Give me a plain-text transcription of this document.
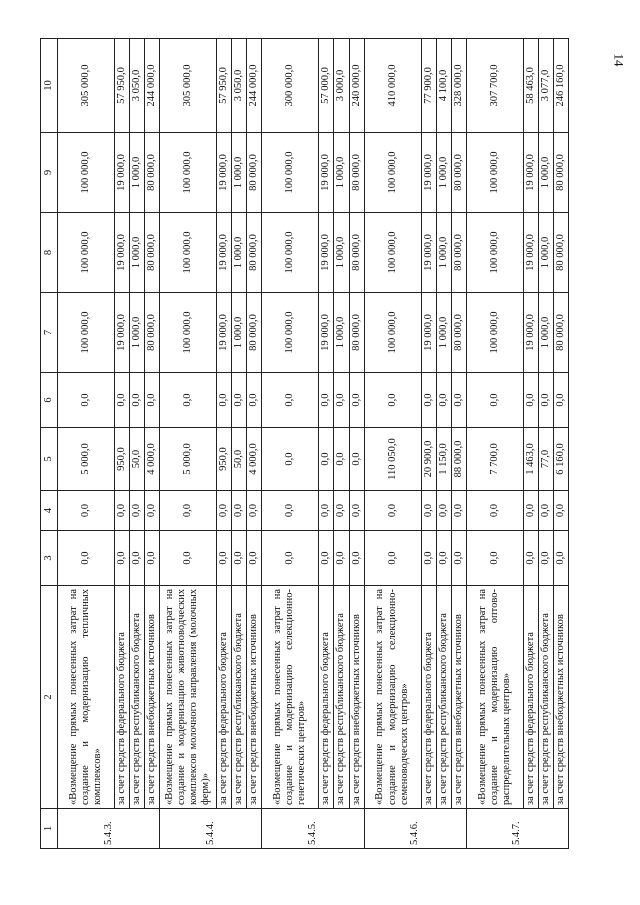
14
1	2	3	4	5	6	7	8	9	10
5.4.3.	«Возмещение прямых понесенных затрат на создание и модернизацию тепличных комплексов»	0,0	0,0	5 000,0	0,0	100 000,0	100 000,0	100 000,0	305 000,0
	за счет средств федерального бюджета	0,0	0,0	950,0	0,0	19 000,0	19 000,0	19 000,0	57 950,0
	за счет средств республиканского бюджета	0,0	0,0	50,0	0,0	1 000,0	1 000,0	1 000,0	3 050,0
	за счет средств внебюджетных источников	0,0	0,0	4 000,0	0,0	80 000,0	80 000,0	80 000,0	244 000,0
5.4.4.	«Возмещение прямых понесенных затрат на создание и модернизацию животноводческих комплексов молочного направления (молочных ферм)»	0,0	0,0	5 000,0	0,0	100 000,0	100 000,0	100 000,0	305 000,0
	за счет средств федерального бюджета	0,0	0,0	950,0	0,0	19 000,0	19 000,0	19 000,0	57 950,0
	за счет средств республиканского бюджета	0,0	0,0	50,0	0,0	1 000,0	1 000,0	1 000,0	3 050,0
	за счет средств внебюджетных источников	0,0	0,0	4 000,0	0,0	80 000,0	80 000,0	80 000,0	244 000,0
5.4.5.	«Возмещение прямых понесенных затрат на создание и модернизацию селекционно-генетических центров»	0,0	0,0	0,0	0,0	100 000,0	100 000,0	100 000,0	300 000,0
	за счет средств федерального бюджета	0,0	0,0	0,0	0,0	19 000,0	19 000,0	19 000,0	57 000,0
	за счет средств республиканского бюджета	0,0	0,0	0,0	0,0	1 000,0	1 000,0	1 000,0	3 000,0
	за счет средств внебюджетных источников	0,0	0,0	0,0	0,0	80 000,0	80 000,0	80 000,0	240 000,0
5.4.6.	«Возмещение прямых понесенных затрат на создание и модернизацию селекционно-семеноводческих центров»	0,0	0,0	110 050,0	0,0	100 000,0	100 000,0	100 000,0	410 000,0
	за счет средств федерального бюджета	0,0	0,0	20 900,0	0,0	19 000,0	19 000,0	19 000,0	77 900,0
	за счет средств республиканского бюджета	0,0	0,0	1 150,0	0,0	1 000,0	1 000,0	1 000,0	4 100,0
	за счет средств внебюджетных источников	0,0	0,0	88 000,0	0,0	80 000,0	80 000,0	80 000,0	328 000,0
5.4.7.	«Возмещение прямых понесенных затрат на создание и модернизацию оптово-распределительных центров»	0,0	0,0	7 700,0	0,0	100 000,0	100 000,0	100 000,0	307 700,0
	за счет средств федерального бюджета	0,0	0,0	1 463,0	0,0	19 000,0	19 000,0	19 000,0	58 463,0
	за счет средств республиканского бюджета	0,0	0,0	77,0	0,0	1 000,0	1 000,0	1 000,0	3 077,0
	за счет средств внебюджетных источников	0,0	0,0	6 160,0	0,0	80 000,0	80 000,0	80 000,0	246 160,0
